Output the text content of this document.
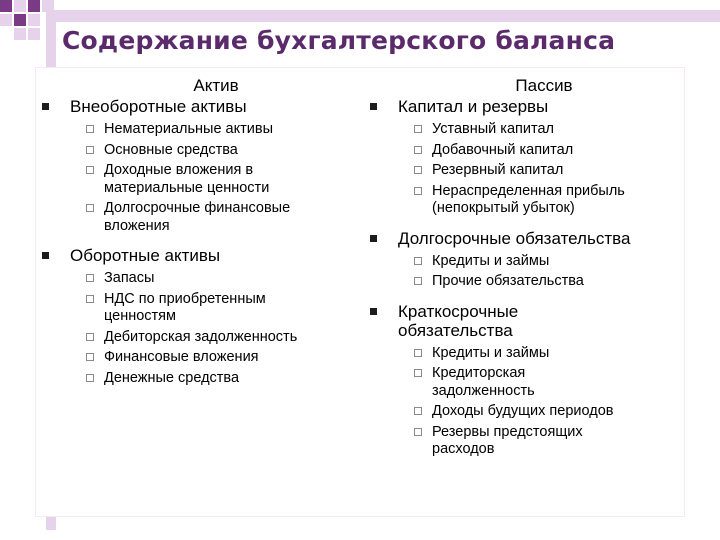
Содержание бухгалтерского баланса
Актив
Внеоборотные активы
Нематериальные активы
Основные средства
Доходные вложения в
материальные ценности
Долгосрочные финансовые
вложения
Оборотные активы
Запасы
НДС по приобретенным
ценностям
Дебиторская задолженность
Финансовые вложения
Денежные средства
Пассив
Капитал и резервы
Уставный капитал
Добавочный капитал
Резервный капитал
Нераспределенная прибыль
(непокрытый убыток)
Долгосрочные обязательства
Кредиты и займы
Прочие обязательства
Краткосрочные
обязательства
Кредиты и займы
Кредиторская
задолженность
Доходы будущих периодов
Резервы предстоящих
расходов
